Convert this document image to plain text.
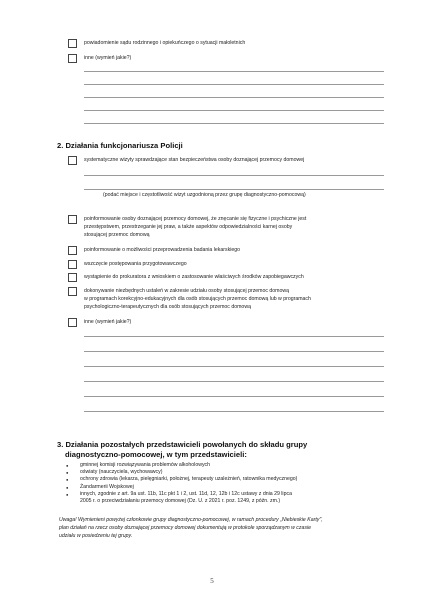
powiadomienie sądu rodzinnego i opiekuńczego o sytuacji małoletnich
inne (wymień jakie?)
2. Działania funkcjonariusza Policji
systematyczne wizyty sprawdzające stan bezpieczeństwa osoby doznającej przemocy domowej
(podać miejsce i częstotliwość wizyt uzgodnioną przez grupę diagnostyczno-pomocową)
poinformowanie osoby doznającej przemocy domowej, że znęcanie się fizyczne i psychiczne jest
przestępstwem, przestrzeganie jej praw, a także aspektów odpowiedzialności karnej osoby
stosującej przemoc domową
poinformowanie o możliwości przeprowadzenia badania lekarskiego
wszczęcie postępowania przygotowawczego
wystąpienie do prokuratora z wnioskiem o zastosowanie właściwych środków zapobiegawczych
dokonywanie niezbędnych ustaleń w zakresie udziału osoby stosującej przemoc domową
w programach korekcyjno-edukacyjnych dla osób stosujących przemoc domową lub w programach
psychologiczno-terapeutycznych dla osób stosujących przemoc domową
inne (wymień jakie?)
3. Działania pozostałych przedstawicieli powołanych do składu grupy
diagnostyczno-pomocowej, w tym przedstawicieli:
● gminnej komisji rozwiązywania problemów alkoholowych
● oświaty (nauczyciela, wychowawcy)
● ochrony zdrowia (lekarza, pielęgniarki, położnej, terapeuty uzależnień, ratownika medycznego)
● Żandarmerii Wojskowej
● innych, zgodnie z art. 9a ust. 11b, 11c pkt 1 i 2, ust. 11d, 12, 12b i 12c ustawy z dnia 29 lipca
2005 r. o przeciwdziałaniu przemocy domowej (Dz. U. z 2021 r. poz. 1249, z późn. zm.)
Uwaga! Wymienieni powyżej członkowie grupy diagnostyczno-pomocowej, w ramach procedury „Niebieskie Karty",
plan działań na rzecz osoby doznającej przemocy domowej dokumentują w protokole sporządzanym w czasie
udziału w posiedzeniu tej grupy.
5
